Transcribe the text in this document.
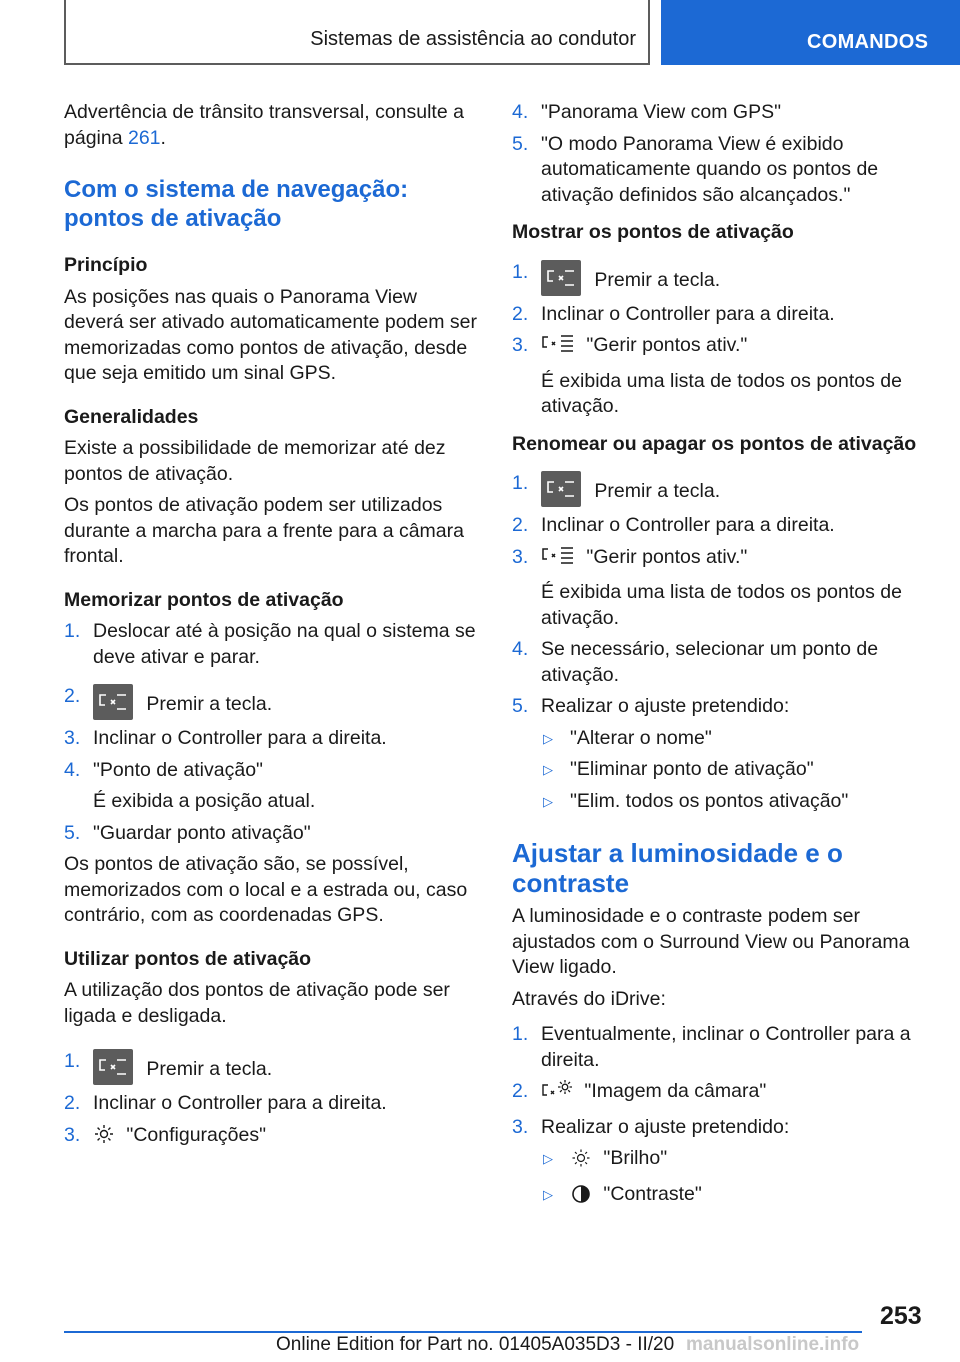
Sistemas de assistência ao condutor	COMANDOS

Advertência de trânsito transversal, consulte a página 261.

Com o sistema de navegação:
pontos de ativação
Princípio

As posições nas quais o Panorama View deverá ser ativado automaticamente podem ser memorizadas como pontos de ativação, desde que seja emitido um sinal GPS.

Generalidades

Existe a possibilidade de memorizar até dez pontos de ativação.

Os pontos de ativação podem ser utilizados durante a marcha para a frente para a câmara frontal.

Memorizar pontos de ativação
1. Deslocar até à posição na qual o sistema se deve ativar e parar.
2.	Premir a tecla.
3. Inclinar o Controller para a direita.
4. "Ponto de ativação"
É exibida a posição atual.
5. "Guardar ponto ativação"

Os pontos de ativação são, se possível, memorizados com o local e a estrada ou, caso contrário, com as coordenadas GPS.

Utilizar pontos de ativação

A utilização dos pontos de ativação pode ser ligada e desligada.

1.	Premir a tecla.
2. Inclinar o Controller para a direita.
3. "Configurações"
4. "Panorama View com GPS"
5. "O modo Panorama View é exibido automaticamente quando os pontos de ativação definidos são alcançados."
Mostrar os pontos de ativação
1.	Premir a tecla.
2. Inclinar o Controller para a direita.
3.	"Gerir pontos ativ."
É exibida uma lista de todos os pontos de ativação.
Renomear ou apagar os pontos de ativação
1.	Premir a tecla.
2. Inclinar o Controller para a direita.
3.	"Gerir pontos ativ."
É exibida uma lista de todos os pontos de ativação.
4. Se necessário, selecionar um ponto de ativação.
5. Realizar o ajuste pretendido:
▷ "Alterar o nome"
▷ "Eliminar ponto de ativação"
▷ "Elim. todos os pontos ativação"
Ajustar a luminosidade e o
contraste

A luminosidade e o contraste podem ser ajustados com o Surround View ou Panorama View ligado.

Através do iDrive:

1. Eventualmente, inclinar o Controller para a direita.
2.	"Imagem da câmara"
3. Realizar o ajuste pretendido:
▷	"Brilho"
▷	"Contraste"
253
Online Edition for Part no. 01405A035D3 - II/20 manualsonline.info
